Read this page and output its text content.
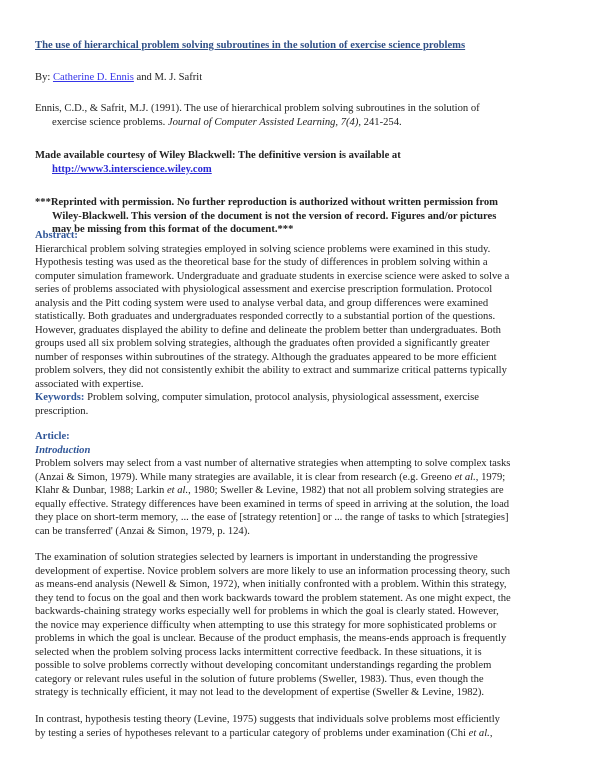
The use of hierarchical problem solving subroutines in the solution of exercise science problems
By: Catherine D. Ennis and M. J. Safrit
Ennis, C.D., & Safrit, M.J. (1991). The use of hierarchical problem solving subroutines in the solution of
exercise science problems. Journal of Computer Assisted Learning, 7(4), 241-254.
Made available courtesy of Wiley Blackwell: The definitive version is available at
http://www3.interscience.wiley.com
***Reprinted with permission. No further reproduction is authorized without written permission from
Wiley-Blackwell. This version of the document is not the version of record. Figures and/or pictures
may be missing from this format of the document.***
Abstract:
Hierarchical problem solving strategies employed in solving science problems were examined in this study.
Hypothesis testing was used as the theoretical base for the study of differences in problem solving within a
computer simulation framework. Undergraduate and graduate students in exercise science were asked to solve a
series of problems associated with physiological assessment and exercise prescription formulation. Protocol
analysis and the Pitt coding system were used to analyse verbal data, and group differences were examined
statistically. Both graduates and undergraduates responded correctly to a substantial portion of the questions.
However, graduates displayed the ability to define and delineate the problem better than undergraduates. Both
groups used all six problem solving strategies, although the graduates often provided a significantly greater
number of responses within subroutines of the strategy. Although the graduates appeared to be more efficient
problem solvers, they did not consistently exhibit the ability to extract and summarize critical patterns typically
associated with expertise.
Keywords: Problem solving, computer simulation, protocol analysis, physiological assessment, exercise
prescription.
Article:
Introduction
Problem solvers may select from a vast number of alternative strategies when attempting to solve complex tasks
(Anzai & Simon, 1979). While many strategies are available, it is clear from research (e.g. Greeno et al., 1979;
Klahr & Dunbar, 1988; Larkin et al., 1980; Sweller & Levine, 1982) that not all problem solving strategies are
equally effective. Strategy differences have been examined in terms of speed in arriving at the solution, the load
they place on short-term memory, ... the ease of [strategy retention] or ... the range of tasks to which [strategies]
can be transferred' (Anzai & Simon, 1979, p. 124).
The examination of solution strategies selected by learners is important in understanding the progressive
development of expertise. Novice problem solvers are more likely to use an information processing theory, such
as means-end analysis (Newell & Simon, 1972), when initially confronted with a problem. Within this strategy,
they tend to focus on the goal and then work backwards toward the problem statement. As one might expect, the
backwards-chaining strategy works especially well for problems in which the goal is clearly stated. However,
the novice may experience difficulty when attempting to use this strategy for more sophisticated problems or
problems in which the goal is unclear. Because of the product emphasis, the means-ends approach is frequently
selected when the problem solving process lacks intermittent corrective feedback. In these situations, it is
possible to solve problems correctly without developing concomitant understandings regarding the problem
category or relevant rules useful in the solution of future problems (Sweller, 1983). Thus, even though the
strategy is technically efficient, it may not lead to the development of expertise (Sweller & Levine, 1982).
In contrast, hypothesis testing theory (Levine, 1975) suggests that individuals solve problems most efficiently
by testing a series of hypotheses relevant to a particular category of problems under examination (Chi et al.,
